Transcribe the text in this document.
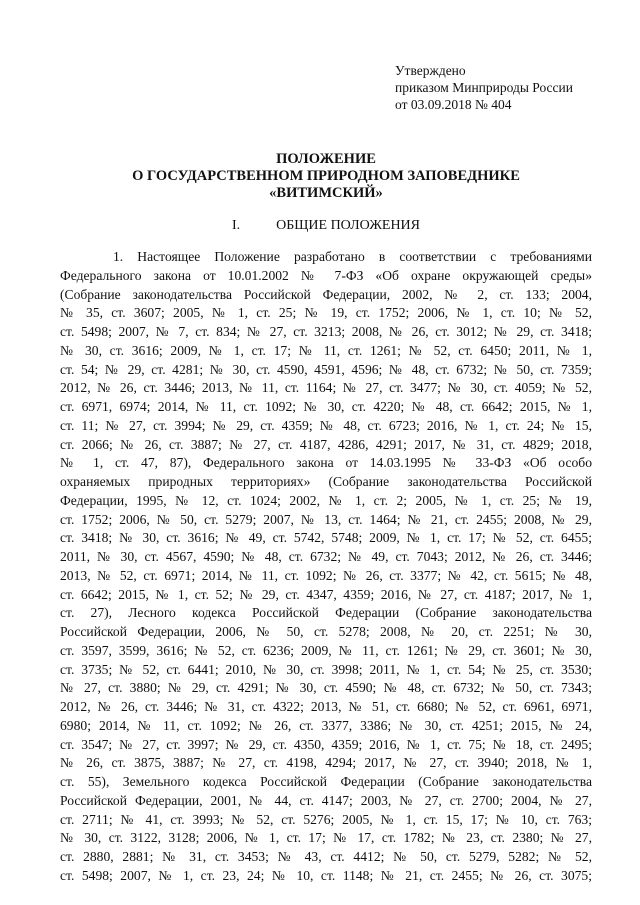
Утверждено
приказом Минприроды России
от 03.09.2018 № 404
ПОЛОЖЕНИЕ
О ГОСУДАРСТВЕННОМ ПРИРОДНОМ ЗАПОВЕДНИКЕ
«ВИТИМСКИЙ»
I.	ОБЩИЕ ПОЛОЖЕНИЯ
1. Настоящее Положение разработано в соответствии с требованиями
Федерального закона от 10.01.2002 № 7-ФЗ «Об охране окружающей среды»
(Собрание законодательства Российской Федерации, 2002, № 2, ст. 133; 2004,
№ 35, ст. 3607; 2005, № 1, ст. 25; № 19, ст. 1752; 2006, № 1, ст. 10; № 52,
ст. 5498; 2007, № 7, ст. 834; № 27, ст. 3213; 2008, № 26, ст. 3012; № 29, ст. 3418;
№ 30, ст. 3616; 2009, № 1, ст. 17; № 11, ст. 1261; № 52, ст. 6450; 2011, № 1,
ст. 54; № 29, ст. 4281; № 30, ст. 4590, 4591, 4596; № 48, ст. 6732; № 50, ст. 7359;
2012, № 26, ст. 3446; 2013, № 11, ст. 1164; № 27, ст. 3477; № 30, ст. 4059; № 52,
ст. 6971, 6974; 2014, № 11, ст. 1092; № 30, ст. 4220; № 48, ст. 6642; 2015, № 1,
ст. 11; № 27, ст. 3994; № 29, ст. 4359; № 48, ст. 6723; 2016, № 1, ст. 24; № 15,
ст. 2066; № 26, ст. 3887; № 27, ст. 4187, 4286, 4291; 2017, № 31, ст. 4829; 2018,
№ 1, ст. 47, 87), Федерального закона от 14.03.1995 № 33-ФЗ «Об особо
охраняемых природных территориях» (Собрание законодательства Российской
Федерации, 1995, № 12, ст. 1024; 2002, № 1, ст. 2; 2005, № 1, ст. 25; № 19,
ст. 1752; 2006, № 50, ст. 5279; 2007, № 13, ст. 1464; № 21, ст. 2455; 2008, № 29,
ст. 3418; № 30, ст. 3616; № 49, ст. 5742, 5748; 2009, № 1, ст. 17; № 52, ст. 6455;
2011, № 30, ст. 4567, 4590; № 48, ст. 6732; № 49, ст. 7043; 2012, № 26, ст. 3446;
2013, № 52, ст. 6971; 2014, № 11, ст. 1092; № 26, ст. 3377; № 42, ст. 5615; № 48,
ст. 6642; 2015, № 1, ст. 52; № 29, ст. 4347, 4359; 2016, № 27, ст. 4187; 2017, № 1,
ст. 27), Лесного кодекса Российской Федерации (Собрание законодательства
Российской Федерации, 2006, № 50, ст. 5278; 2008, № 20, ст. 2251; № 30,
ст. 3597, 3599, 3616; № 52, ст. 6236; 2009, № 11, ст. 1261; № 29, ст. 3601; № 30,
ст. 3735; № 52, ст. 6441; 2010, № 30, ст. 3998; 2011, № 1, ст. 54; № 25, ст. 3530;
№ 27, ст. 3880; № 29, ст. 4291; № 30, ст. 4590; № 48, ст. 6732; № 50, ст. 7343;
2012, № 26, ст. 3446; № 31, ст. 4322; 2013, № 51, ст. 6680; № 52, ст. 6961, 6971,
6980; 2014, № 11, ст. 1092; № 26, ст. 3377, 3386; № 30, ст. 4251; 2015, № 24,
ст. 3547; № 27, ст. 3997; № 29, ст. 4350, 4359; 2016, № 1, ст. 75; № 18, ст. 2495;
№ 26, ст. 3875, 3887; № 27, ст. 4198, 4294; 2017, № 27, ст. 3940; 2018, № 1,
ст. 55), Земельного кодекса Российской Федерации (Собрание законодательства
Российской Федерации, 2001, № 44, ст. 4147; 2003, № 27, ст. 2700; 2004, № 27,
ст. 2711; № 41, ст. 3993; № 52, ст. 5276; 2005, № 1, ст. 15, 17; № 10, ст. 763;
№ 30, ст. 3122, 3128; 2006, № 1, ст. 17; № 17, ст. 1782; № 23, ст. 2380; № 27,
ст. 2880, 2881; № 31, ст. 3453; № 43, ст. 4412; № 50, ст. 5279, 5282; № 52,
ст. 5498; 2007, № 1, ст. 23, 24; № 10, ст. 1148; № 21, ст. 2455; № 26, ст. 3075;
